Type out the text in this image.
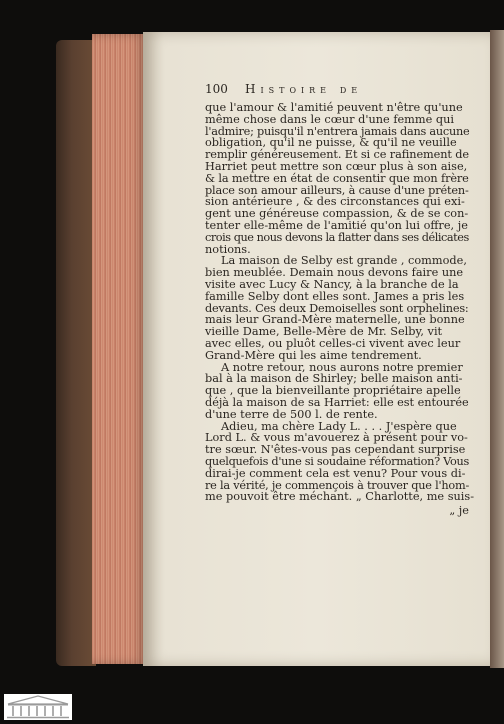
100 Histoire de

que l'amour & l'amitié peuvent n'être qu'une
même chose dans le cœur d'une femme qui
l'admire; puisqu'il n'entrera jamais dans aucune
obligation, qu'il ne puisse, & qu'il ne veuille
remplir généreusement. Et si ce rafinement de
Harriet peut mettre son cœur plus à son aise,
& la mettre en état de consentir que mon frère
place son amour ailleurs, à cause d'une préten-
sion antérieure , & des circonstances qui exi-
gent une généreuse compassion, & de se con-
tenter elle-même de l'amitié qu'on lui offre, je
crois que nous devons la flatter dans ses délicates
notions.

La maison de Selby est grande , commode,
bien meublée. Demain nous devons faire une
visite avec Lucy & Nancy, à la branche de la
famille Selby dont elles sont. James a pris les
devants. Ces deux Demoiselles sont orphelines:
mais leur Grand-Mère maternelle, une bonne
vieille Dame, Belle-Mère de Mr. Selby, vit
avec elles, ou pluôt celles-ci vivent avec leur
Grand-Mère qui les aime tendrement.

A notre retour, nous aurons notre premier
bal à la maison de Shirley; belle maison anti-
que , que la bienveillante propriétaire apelle
déjà la maison de sa Harriet: elle est entourée
d'une terre de 500 l. de rente.

Adieu, ma chère Lady L. . . . J'espère que
Lord L. & vous m'avouerez à présent pour vo-
tre sœur. N'êtes-vous pas cependant surprise
quelquefois d'une si soudaine réformation? Vous
dirai-je comment cela est venu? Pour vous di-
re la vérité, je commençois à trouver que l'hom-
me pouvoit être méchant. „ Charlotte, me suis-

„ je
